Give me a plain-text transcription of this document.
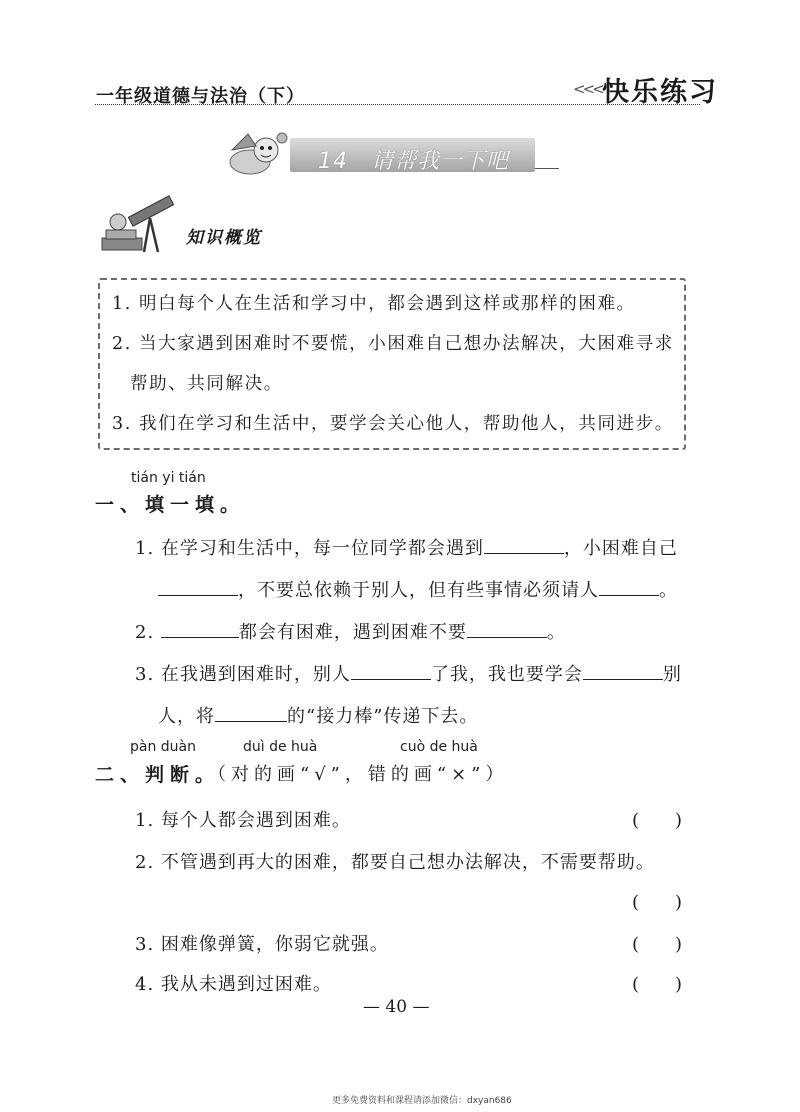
一年级道德与法治（下）	<<< 快乐练习
14　请帮我一下吧
知识概览
1. 明白每个人在生活和学习中，都会遇到这样或那样的困难。
2. 当大家遇到困难时不要慌，小困难自己想办法解决，大困难寻求
帮助、共同解决。
3. 我们在学习和生活中，要学会关心他人，帮助他人，共同进步。
tián yi tián
一、填一填。
1. 在学习和生活中，每一位同学都会遇到	，小困难自己
，不要总依赖于别人，但有些事情必须请人	。
2.	都会有困难，遇到困难不要	。
3. 在我遇到困难时，别人	了我，我也要学会	别
人，将	的“接力棒”传递下去。
pàn duàn	duì de huà	cuò de huà
二、判断。
（对的画“√”，错的画“×”）
1. 每个人都会遇到困难。	(　　)
2. 不管遇到再大的困难，都要自己想办法解决，不需要帮助。
(　　)
3. 困难像弹簧，你弱它就强。	(　　)
4. 我从未遇到过困难。	(　　)
— 40 —
更多免费资料和课程请添加微信：dxyan686
